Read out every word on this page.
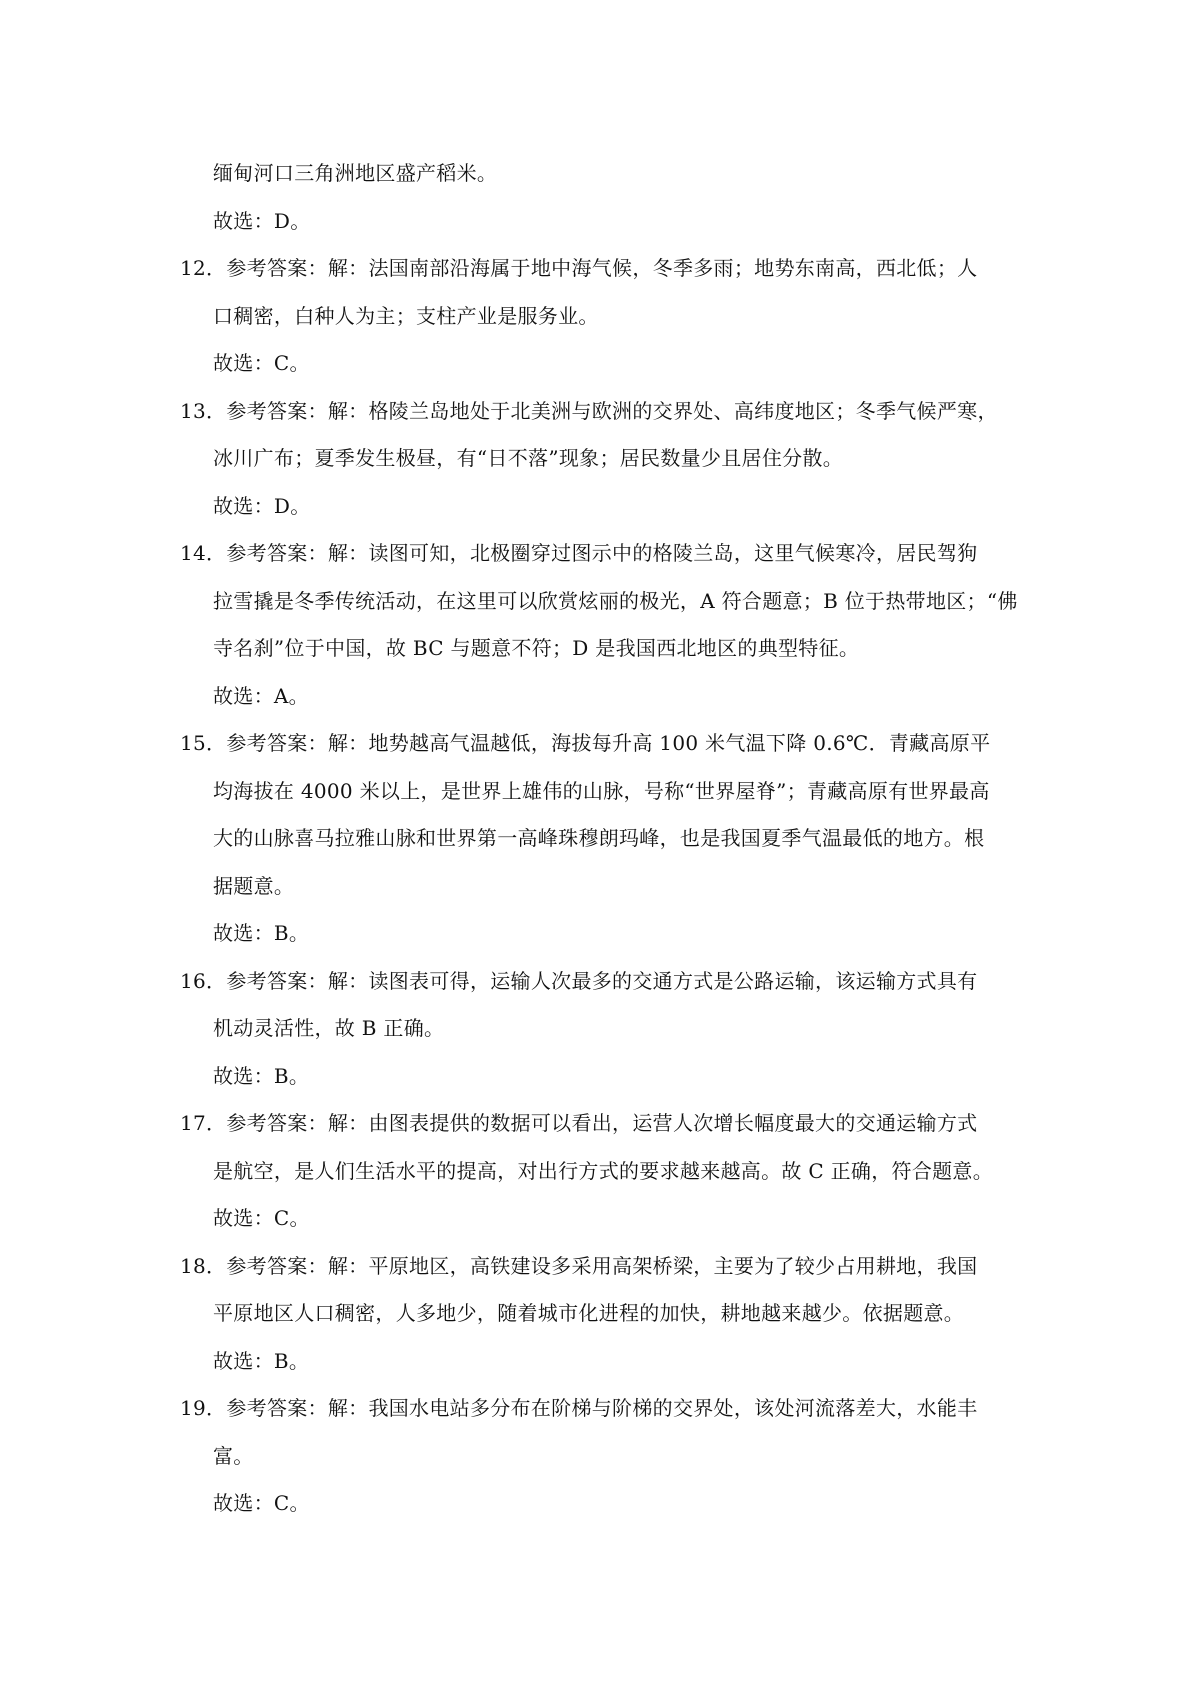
缅甸河口三角洲地区盛产稻米。
故选：D。
12．参考答案：解：法国南部沿海属于地中海气候，冬季多雨；地势东南高，西北低；人
口稠密，白种人为主；支柱产业是服务业。
故选：C。
13．参考答案：解：格陵兰岛地处于北美洲与欧洲的交界处、高纬度地区；冬季气候严寒，
冰川广布；夏季发生极昼，有“日不落”现象；居民数量少且居住分散。
故选：D。
14．参考答案：解：读图可知，北极圈穿过图示中的格陵兰岛，这里气候寒冷，居民驾狗
拉雪撬是冬季传统活动，在这里可以欣赏炫丽的极光，A 符合题意；B 位于热带地区；“佛
寺名刹”位于中国，故 BC 与题意不符；D 是我国西北地区的典型特征。
故选：A。
15．参考答案：解：地势越高气温越低，海拔每升高 100 米气温下降 0.6℃．青藏高原平
均海拔在 4000 米以上，是世界上雄伟的山脉，号称“世界屋脊”；青藏高原有世界最高
大的山脉喜马拉雅山脉和世界第一高峰珠穆朗玛峰，也是我国夏季气温最低的地方。根
据题意。
故选：B。
16．参考答案：解：读图表可得，运输人次最多的交通方式是公路运输，该运输方式具有
机动灵活性，故 B 正确。
故选：B。
17．参考答案：解：由图表提供的数据可以看出，运营人次增长幅度最大的交通运输方式
是航空，是人们生活水平的提高，对出行方式的要求越来越高。故 C 正确，符合题意。
故选：C。
18．参考答案：解：平原地区，高铁建设多采用高架桥梁，主要为了较少占用耕地，我国
平原地区人口稠密，人多地少，随着城市化进程的加快，耕地越来越少。依据题意。
故选：B。
19．参考答案：解：我国水电站多分布在阶梯与阶梯的交界处，该处河流落差大，水能丰
富。
故选：C。
